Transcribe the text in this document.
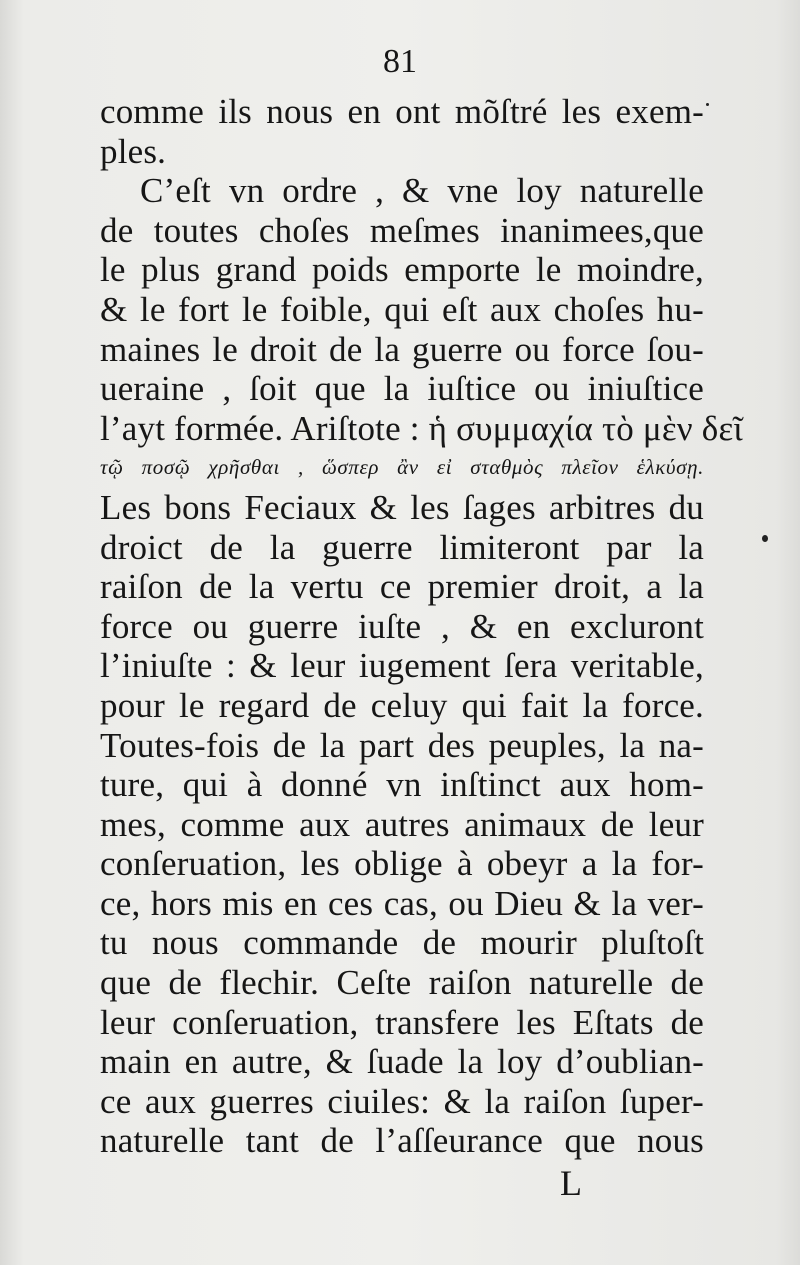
81
comme ils nous en ont mõſtré les exem-
ples.
C’eſt vn ordre , & vne loy naturelle
de toutes choſes meſmes inanimees,que
le plus grand poids emporte le moindre,
& le fort le foible, qui eſt aux choſes hu-
maines le droit de la guerre ou force ſou-
ueraine , ſoit que la iuſtice ou iniuſtice
l’ayt formée. Ariſtote : ἡ συμμαχία τὸ μὲν δεῖ
τῷ ποσῷ χρῆσθαι , ὥσπερ ἂν εἰ σταθμὸς πλεῖον ἑλκύσῃ.
Les bons Feciaux & les ſages arbitres du
droict de la guerre limiteront par la
raiſon de la vertu ce premier droit, a la
force ou guerre iuſte , & en excluront
l’iniuſte : & leur iugement ſera veritable,
pour le regard de celuy qui fait la force.
Toutes-fois de la part des peuples, la na-
ture, qui à donné vn inſtinct aux hom-
mes, comme aux autres animaux de leur
conſeruation, les oblige à obeyr a la for-
ce, hors mis en ces cas, ou Dieu & la ver-
tu nous commande de mourir pluſtoſt
que de flechir. Ceſte raiſon naturelle de
leur conſeruation, transfere les Eſtats de
main en autre, & ſuade la loy d’oublian-
ce aux guerres ciuiles: & la raiſon ſuper-
naturelle tant de l’aſſeurance que nous
L
